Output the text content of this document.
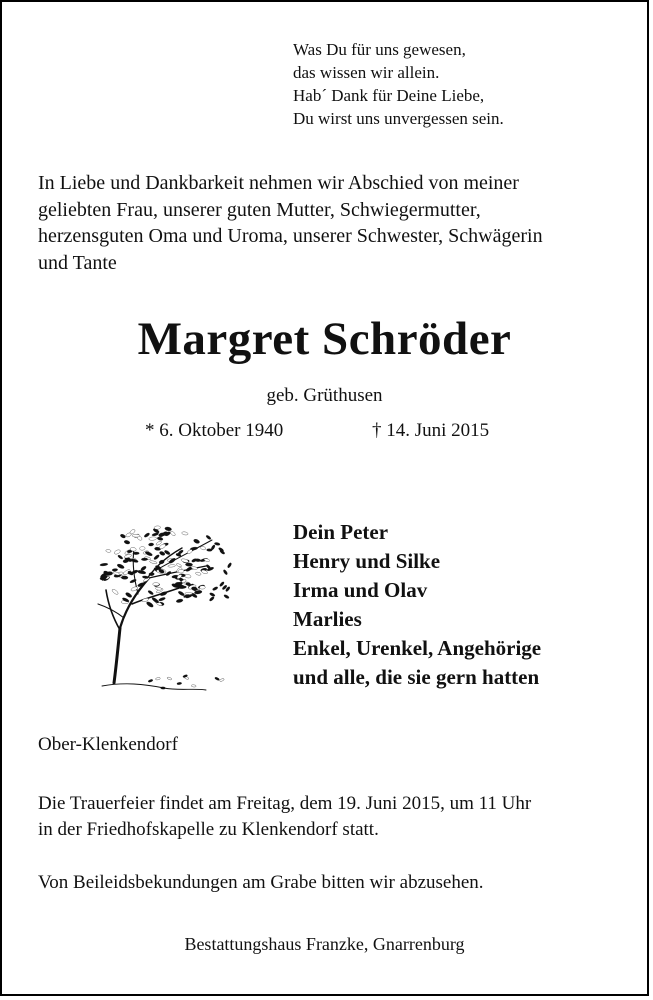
Was Du für uns gewesen,
das wissen wir allein.
Hab´ Dank für Deine Liebe,
Du wirst uns unvergessen sein.
In Liebe und Dankbarkeit nehmen wir Abschied von meiner
geliebten Frau, unserer guten Mutter, Schwiegermutter,
herzensguten Oma und Uroma, unserer Schwester, Schwägerin
und Tante
Margret Schröder
geb. Grüthusen
* 6. Oktober 1940	† 14. Juni 2015
Dein Peter
Henry und Silke
Irma und Olav
Marlies
Enkel, Urenkel, Angehörige
und alle, die sie gern hatten
Ober-Klenkendorf
Die Trauerfeier findet am Freitag, dem 19. Juni 2015, um 11 Uhr
in der Friedhofskapelle zu Klenkendorf statt.
Von Beileidsbekundungen am Grabe bitten wir abzusehen.
Bestattungshaus Franzke, Gnarrenburg
